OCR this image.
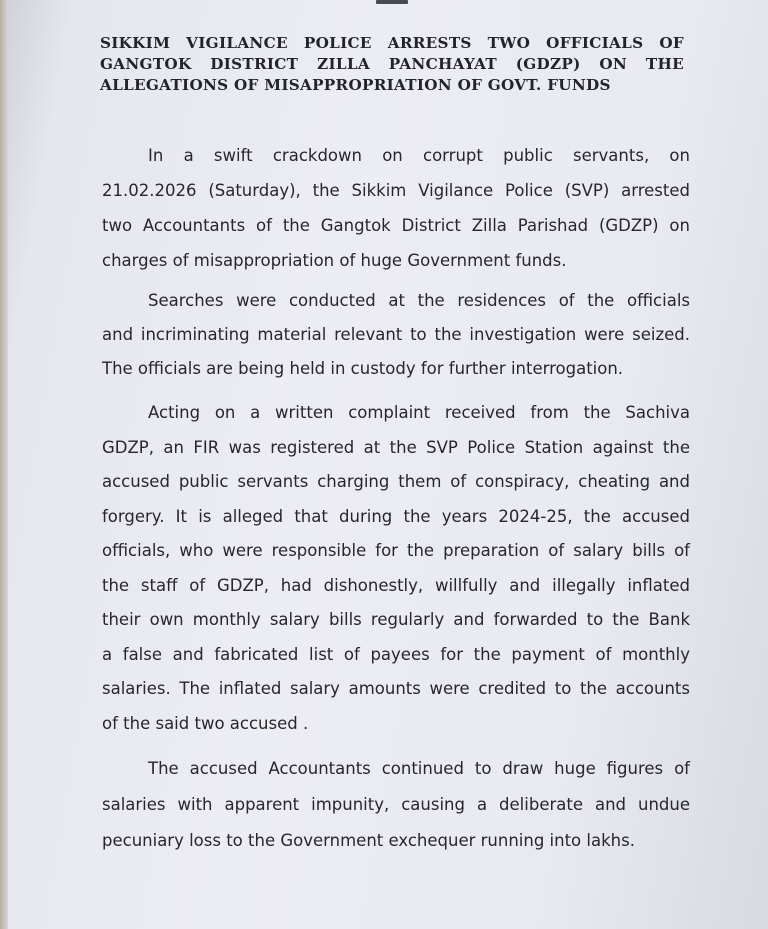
SIKKIM VIGILANCE POLICE ARRESTS TWO OFFICIALS OF
GANGTOK DISTRICT ZILLA PANCHAYAT (GDZP) ON THE
ALLEGATIONS OF MISAPPROPRIATION OF GOVT. FUNDS
In a swift crackdown on corrupt public servants, on
21.02.2026 (Saturday), the Sikkim Vigilance Police (SVP) arrested
two Accountants of the Gangtok District Zilla Parishad (GDZP) on
charges of misappropriation of huge Government funds.
Searches were conducted at the residences of the officials
and incriminating material relevant to the investigation were seized.
The officials are being held in custody for further interrogation.
Acting on a written complaint received from the Sachiva
GDZP, an FIR was registered at the SVP Police Station against the
accused public servants charging them of conspiracy, cheating and
forgery. It is alleged that during the years 2024-25, the accused
officials, who were responsible for the preparation of salary bills of
the staff of GDZP, had dishonestly, willfully and illegally inflated
their own monthly salary bills regularly and forwarded to the Bank
a false and fabricated list of payees for the payment of monthly
salaries. The inflated salary amounts were credited to the accounts
of the said two accused .
The accused Accountants continued to draw huge figures of
salaries with apparent impunity, causing a deliberate and undue
pecuniary loss to the Government exchequer running into lakhs.
